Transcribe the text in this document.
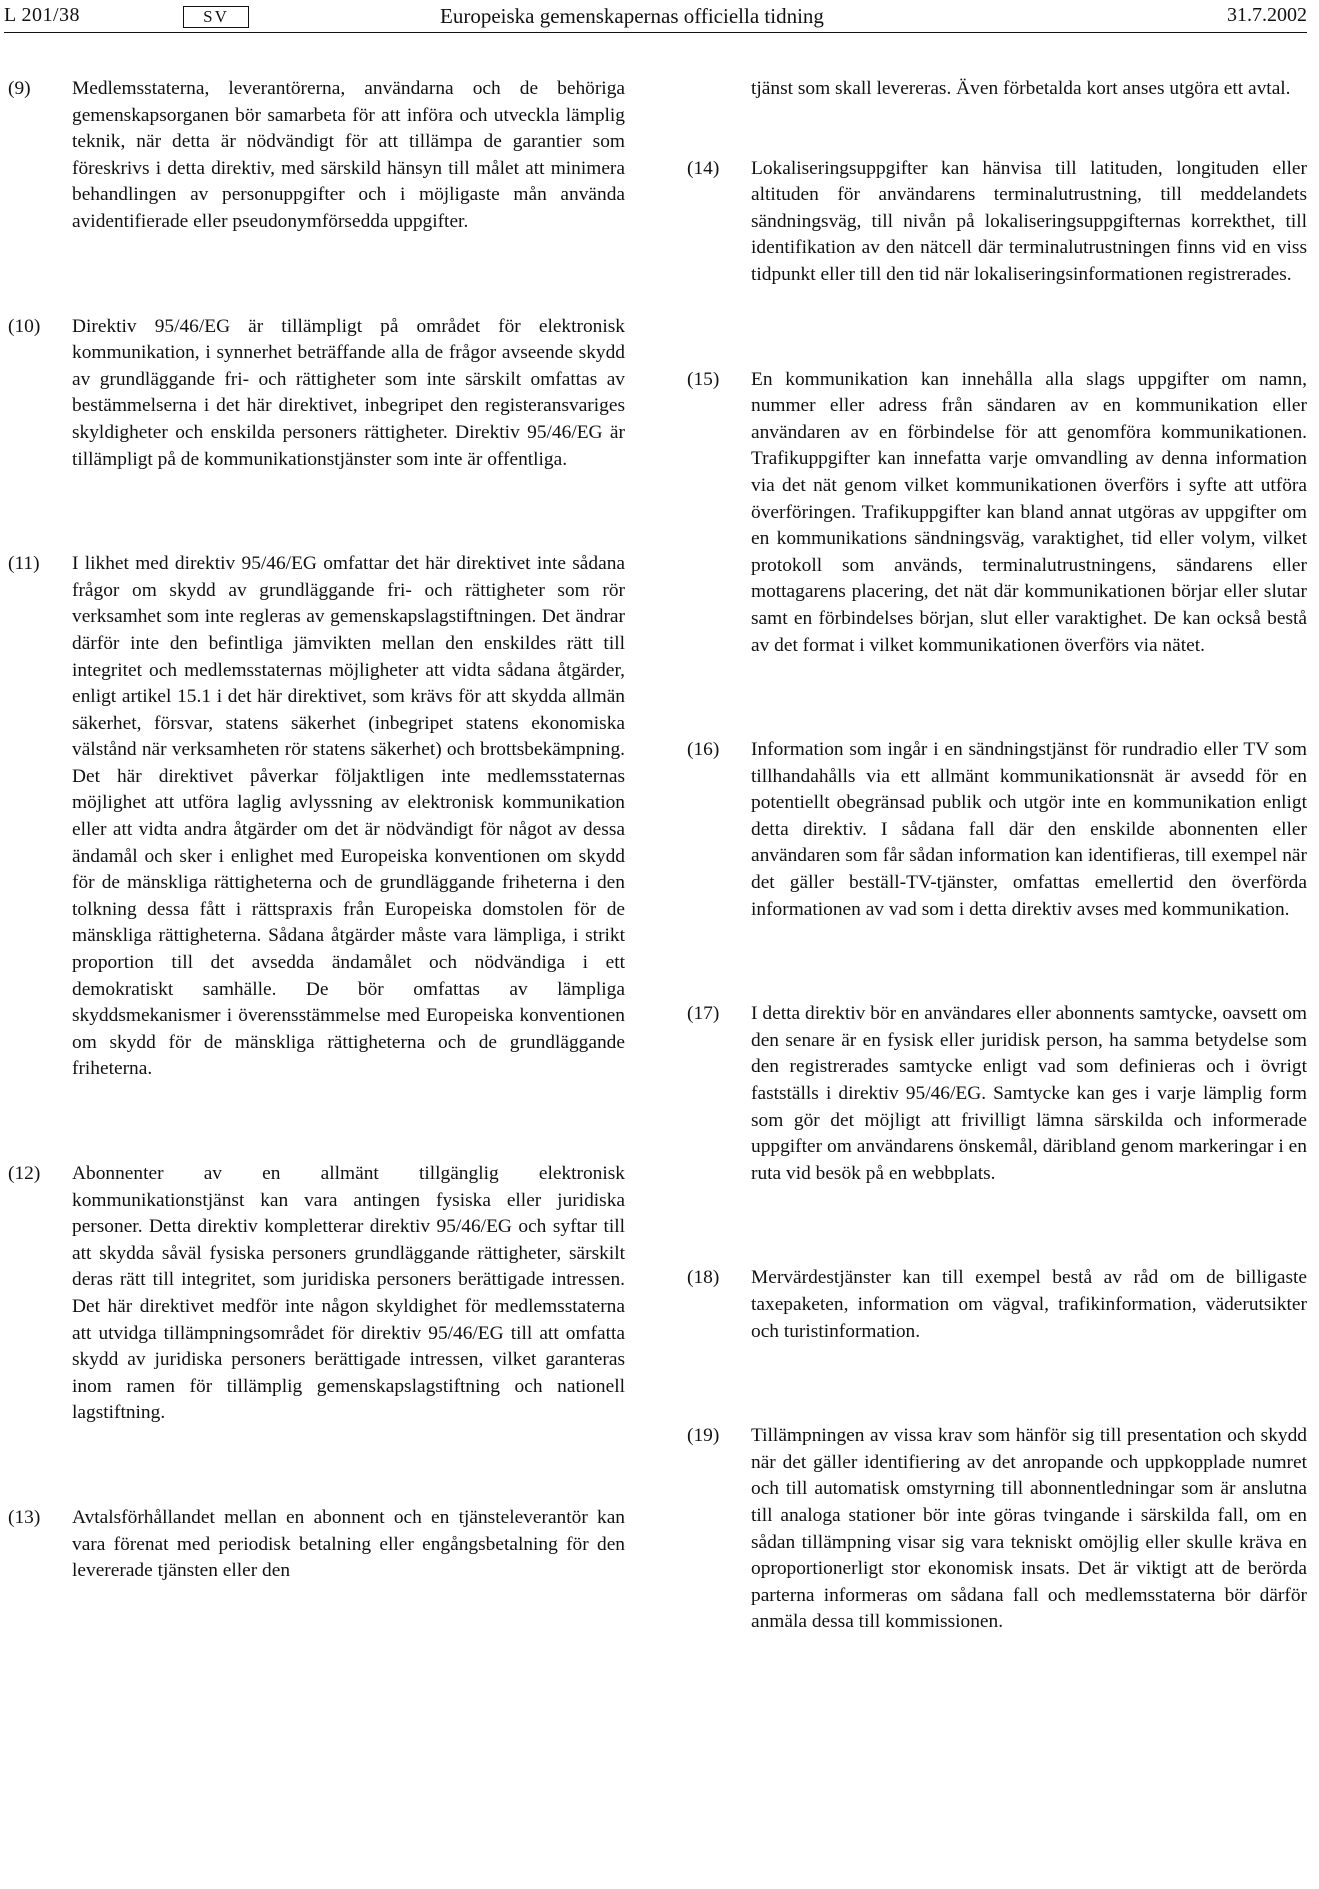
L 201/38	SV	Europeiska gemenskapernas officiella tidning	31.7.2002
(9)	Medlemsstaterna, leverantörerna, användarna och de behöriga gemenskapsorganen bör samarbeta för att införa och utveckla lämplig teknik, när detta är nödvändigt för att tillämpa de garantier som föreskrivs i detta direktiv, med särskild hänsyn till målet att minimera behandlingen av personuppgifter och i möjligaste mån använda avidentifierade eller pseudonymförsedda uppgifter.
(10)	Direktiv 95/46/EG är tillämpligt på området för elektronisk kommunikation, i synnerhet beträffande alla de frågor avseende skydd av grundläggande fri- och rättigheter som inte särskilt omfattas av bestämmelserna i det här direktivet, inbegripet den registeransvariges skyldigheter och enskilda personers rättigheter. Direktiv 95/46/EG är tillämpligt på de kommunikationstjänster som inte är offentliga.
(11)	I likhet med direktiv 95/46/EG omfattar det här direktivet inte sådana frågor om skydd av grundläggande fri- och rättigheter som rör verksamhet som inte regleras av gemenskapslagstiftningen. Det ändrar därför inte den befintliga jämvikten mellan den enskildes rätt till integritet och medlemsstaternas möjligheter att vidta sådana åtgärder, enligt artikel 15.1 i det här direktivet, som krävs för att skydda allmän säkerhet, försvar, statens säkerhet (inbegripet statens ekonomiska välstånd när verksamheten rör statens säkerhet) och brottsbekämpning. Det här direktivet påverkar följaktligen inte medlemsstaternas möjlighet att utföra laglig avlyssning av elektronisk kommunikation eller att vidta andra åtgärder om det är nödvändigt för något av dessa ändamål och sker i enlighet med Europeiska konventionen om skydd för de mänskliga rättigheterna och de grundläggande friheterna i den tolkning dessa fått i rättspraxis från Europeiska domstolen för de mänskliga rättigheterna. Sådana åtgärder måste vara lämpliga, i strikt proportion till det avsedda ändamålet och nödvändiga i ett demokratiskt samhälle. De bör omfattas av lämpliga skyddsmekanismer i överensstämmelse med Europeiska konventionen om skydd för de mänskliga rättigheterna och de grundläggande friheterna.
(12)	Abonnenter av en allmänt tillgänglig elektronisk kommunikationstjänst kan vara antingen fysiska eller juridiska personer. Detta direktiv kompletterar direktiv 95/46/EG och syftar till att skydda såväl fysiska personers grundläggande rättigheter, särskilt deras rätt till integritet, som juridiska personers berättigade intressen. Det här direktivet medför inte någon skyldighet för medlemsstaterna att utvidga tillämpningsområdet för direktiv 95/46/EG till att omfatta skydd av juridiska personers berättigade intressen, vilket garanteras inom ramen för tillämplig gemenskapslagstiftning och nationell lagstiftning.
(13)	Avtalsförhållandet mellan en abonnent och en tjänsteleverantör kan vara förenat med periodisk betalning eller engångsbetalning för den levererade tjänsten eller den
tjänst som skall levereras. Även förbetalda kort anses utgöra ett avtal.
(14)	Lokaliseringsuppgifter kan hänvisa till latituden, longituden eller altituden för användarens terminalutrustning, till meddelandets sändningsväg, till nivån på lokaliseringsuppgifternas korrekthet, till identifikation av den nätcell där terminalutrustningen finns vid en viss tidpunkt eller till den tid när lokaliseringsinformationen registrerades.
(15)	En kommunikation kan innehålla alla slags uppgifter om namn, nummer eller adress från sändaren av en kommunikation eller användaren av en förbindelse för att genomföra kommunikationen. Trafikuppgifter kan innefatta varje omvandling av denna information via det nät genom vilket kommunikationen överförs i syfte att utföra överföringen. Trafikuppgifter kan bland annat utgöras av uppgifter om en kommunikations sändningsväg, varaktighet, tid eller volym, vilket protokoll som används, terminalutrustningens, sändarens eller mottagarens placering, det nät där kommunikationen börjar eller slutar samt en förbindelses början, slut eller varaktighet. De kan också bestå av det format i vilket kommunikationen överförs via nätet.
(16)	Information som ingår i en sändningstjänst för rundradio eller TV som tillhandahålls via ett allmänt kommunikationsnät är avsedd för en potentiellt obegränsad publik och utgör inte en kommunikation enligt detta direktiv. I sådana fall där den enskilde abonnenten eller användaren som får sådan information kan identifieras, till exempel när det gäller beställ-TV-tjänster, omfattas emellertid den överförda informationen av vad som i detta direktiv avses med kommunikation.
(17)	I detta direktiv bör en användares eller abonnents samtycke, oavsett om den senare är en fysisk eller juridisk person, ha samma betydelse som den registrerades samtycke enligt vad som definieras och i övrigt fastställs i direktiv 95/46/EG. Samtycke kan ges i varje lämplig form som gör det möjligt att frivilligt lämna särskilda och informerade uppgifter om användarens önskemål, däribland genom markeringar i en ruta vid besök på en webbplats.
(18)	Mervärdestjänster kan till exempel bestå av råd om de billigaste taxepaketen, information om vägval, trafikinformation, väderutsikter och turistinformation.
(19)	Tillämpningen av vissa krav som hänför sig till presentation och skydd när det gäller identifiering av det anropande och uppkopplade numret och till automatisk omstyrning till abonnentledningar som är anslutna till analoga stationer bör inte göras tvingande i särskilda fall, om en sådan tillämpning visar sig vara tekniskt omöjlig eller skulle kräva en oproportionerligt stor ekonomisk insats. Det är viktigt att de berörda parterna informeras om sådana fall och medlemsstaterna bör därför anmäla dessa till kommissionen.
